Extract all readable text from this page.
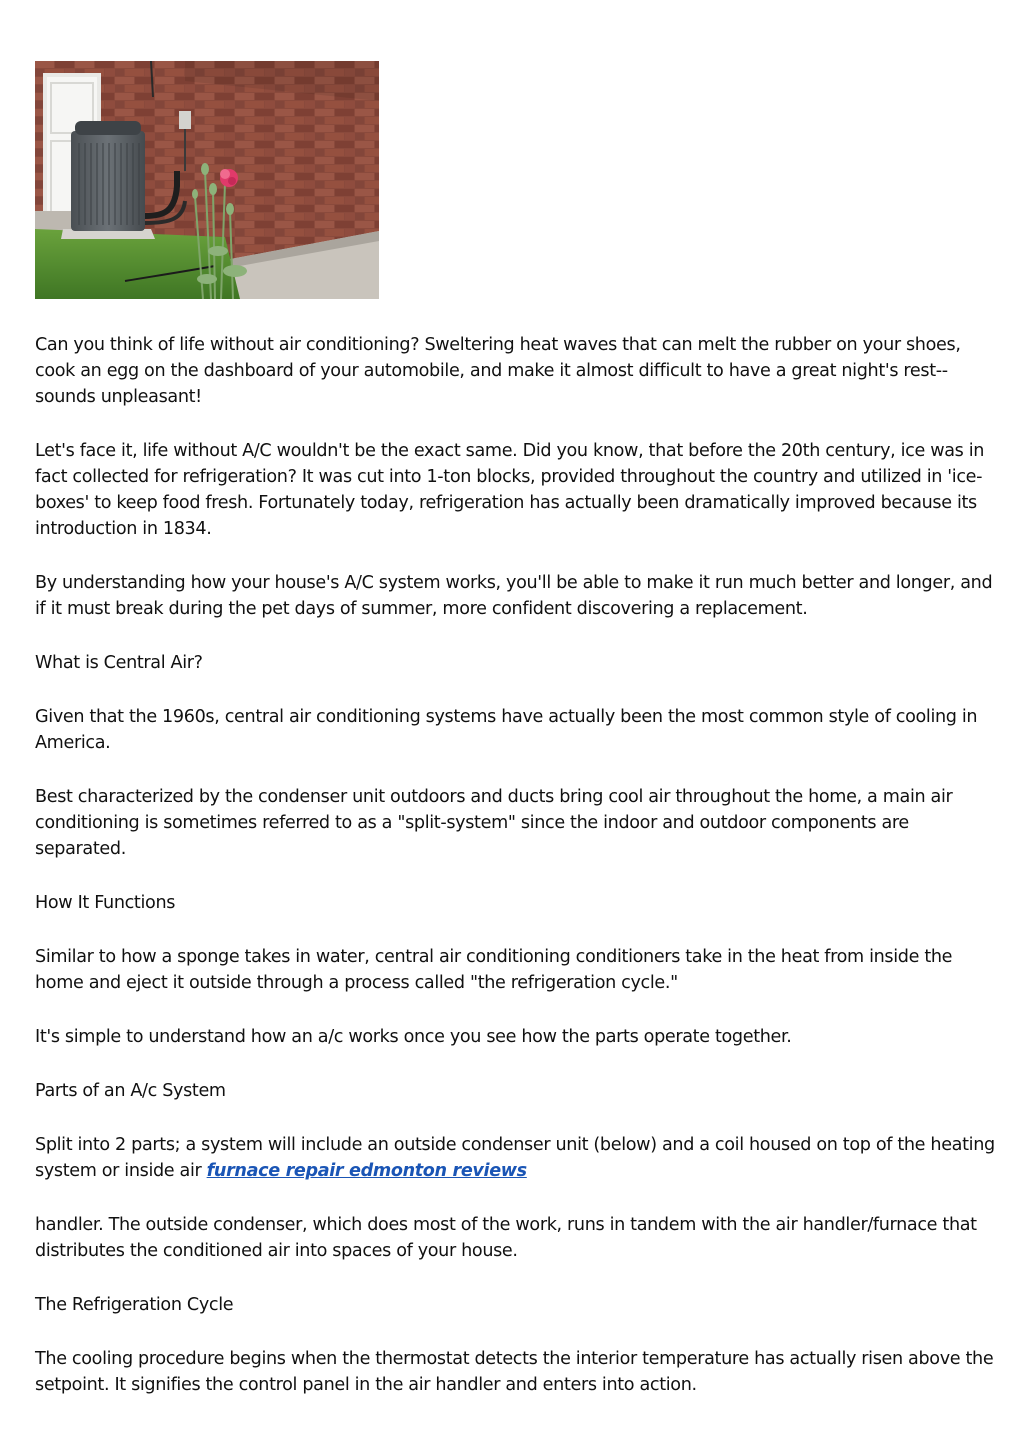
Can you think of life without air conditioning? Sweltering heat waves that can melt the rubber on your shoes, cook an egg on the dashboard of your automobile, and make it almost difficult to have a great night's rest-- sounds unpleasant!

Let's face it, life without A/C wouldn't be the exact same. Did you know, that before the 20th century, ice was in fact collected for refrigeration? It was cut into 1-ton blocks, provided throughout the country and utilized in 'ice-boxes' to keep food fresh. Fortunately today, refrigeration has actually been dramatically improved because its introduction in 1834.

By understanding how your house's A/C system works, you'll be able to make it run much better and longer, and if it must break during the pet days of summer, more confident discovering a replacement.

What is Central Air?

Given that the 1960s, central air conditioning systems have actually been the most common style of cooling in America.

Best characterized by the condenser unit outdoors and ducts bring cool air throughout the home, a main air conditioning is sometimes referred to as a "split-system" since the indoor and outdoor components are separated.

How It Functions

Similar to how a sponge takes in water, central air conditioning conditioners take in the heat from inside the home and eject it outside through a process called "the refrigeration cycle."

It's simple to understand how an a/c works once you see how the parts operate together.

Parts of an A/c System

Split into 2 parts; a system will include an outside condenser unit (below) and a coil housed on top of the heating system or inside air furnace repair edmonton reviews

handler. The outside condenser, which does most of the work, runs in tandem with the air handler/furnace that distributes the conditioned air into spaces of your house.

The Refrigeration Cycle

The cooling procedure begins when the thermostat detects the interior temperature has actually risen above the setpoint. It signifies the control panel in the air handler and enters into action.
